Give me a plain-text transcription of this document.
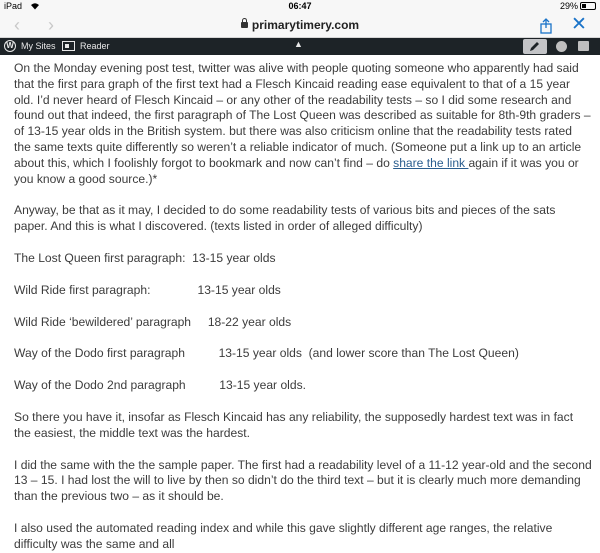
iPad	06:47	29%
‹ ›	primarytimery.com	✕
W My Sites	Reader	▲

On the Monday evening post test, twitter was alive with people quoting someone who apparently had said that the first para graph of the first text had a Flesch Kincaid reading ease equivalent to that of a 15 year old. I’d never heard of Flesch Kincaid – or any other of the readability tests – so I did some research and found out that indeed, the first paragraph of The Lost Queen was described as suitable for 8th-9th graders – of 13-15 year olds in the British system. but there was also criticism online that the readability tests rated the same texts quite differently so weren’t a reliable indicator of much. (Someone put a link up to an article about this, which I foolishly forgot to bookmark and now can’t find – do share the link again if it was you or you know a good source.)*

Anyway, be that as it may, I decided to do some readability tests of various bits and pieces of the sats paper. And this is what I discovered. (texts listed in order of alleged difficulty)

The Lost Queen first paragraph:  13-15 year olds

Wild Ride first paragraph:              13-15 year olds

Wild Ride ‘bewildered’ paragraph     18-22 year olds

Way of the Dodo first paragraph          13-15 year olds  (and lower score than The Lost Queen)

Way of the Dodo 2nd paragraph          13-15 year olds.

So there you have it, insofar as Flesch Kincaid has any reliability, the supposedly hardest text was in fact the easiest, the middle text was the hardest.

I did the same with the the sample paper. The first had a readability level of a 11-12 year-old and the second 13 – 15. I had lost the will to live by then so didn’t do the third text – but it is clearly much more demanding than the previous two – as it should be.

I also used the automated reading index and while this gave slightly different age ranges, the relative difficulty was the same and all
